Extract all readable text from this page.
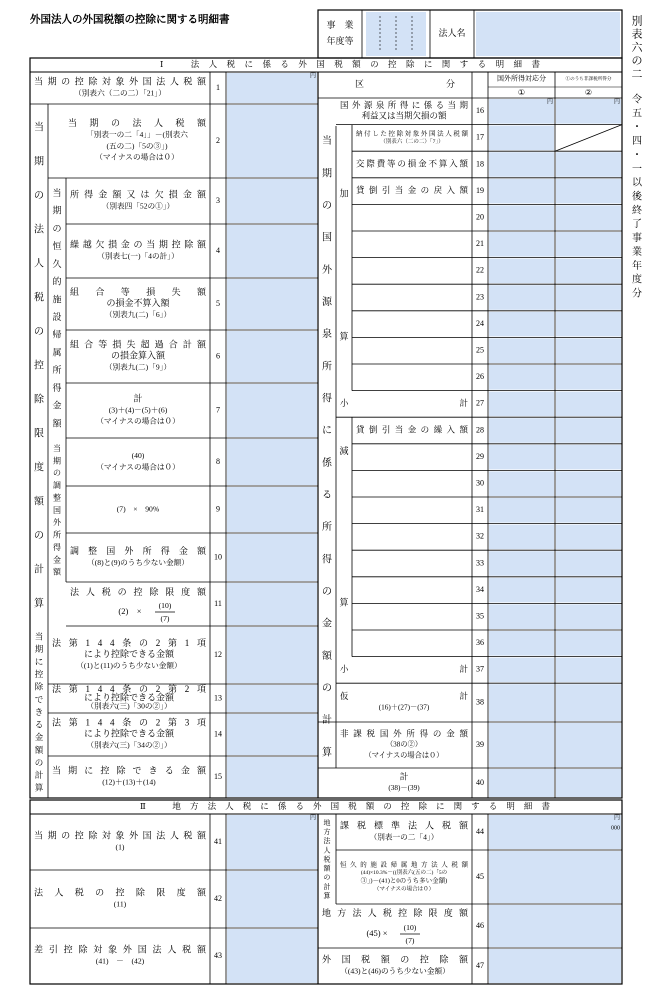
外国法人の外国税額の控除に関する明細書	事　業
年度等
法人名
別表六の二
令五・四・一以後終了事業年度分
Ⅰ　法人税に係る外国税額の控除に関する明細書
1
当期の控除対象外国法人税額
（別表六（二の二）「21」）
2
当期の法人税額
「別表一の二「4」」－(別表六
(五の二)「5の③」)
（マイナスの場合は０）
3
所得金額又は欠損金額
（別表四「52の①」）
4
繰越欠損金の当期控除額
（別表七(一)「4の計」）
5
組合等損失額
の損金不算入額
（別表九(二)「6」）
6
組合等損失超過合計額
の損金算入額
（別表九(二)「9」）
7
計
(3)＋(4)－(5)＋(6)
（マイナスの場合は０）
8
(40)
（マイナスの場合は０）
9
(7)　×　90%
10
調整国外所得金額
（(8)と(9)のうち少ない金額）
11
法人税の控除限度額
(2)　×
(10)
(7)
12
法第144条の2第1項
により控除できる金額
（(1)と(11)のうち少ない金額）
13
法第144条の2第2項
により控除できる金額
（別表六(三)「30の②」）
14
法第144条の2第3項
により控除できる金額
（別表六(三)「34の②」）
15
当期に控除できる金額
(12)＋(13)＋(14)
円
当期の法人税の控除限度額の計算
当期の恒久的施設帰属所得金額
当期の調整国外所得金額
当期に控除できる金額の計算
区　　　分
国外所得対応分
①
①のうち非課税所得分
②
16
国外源泉所得に係る当期
利益又は当期欠損の額
17
納付した控除対象外国法人税額
（別表六（二の二）「7」）
18
交際費等の損金不算入額
19
貸倒引当金の戻入額
20
21
22
23
24
25
26
27
小　　　　　計
28
貸倒引当金の繰入額
29
30
31
32
33
34
35
36
37
小　　　　　計
円	円
38
仮　　　　　計
(16)＋(27)－(37)
39
非課税国外所得の金額
（38の②）
（マイナスの場合は０）
40
計
(38)－(39)
当期の国外源泉所得に係る所得の金額の計算
加
算
減
算
Ⅱ　地方法人税に係る外国税額の控除に関する明細書
41
当期の控除対象外国法人税額
(1)
42
法人税の控除限度額
(11)
43
差引控除対象外国法人税額
(41)　－　(42)
円
44
課税標準法人税額
（別表一の二「4」）
45
恒久的施設帰属地方法人税額
(44)×10.3%－((別表六(五の二)「5の
③」)－(41)と0のうち多い金額)
（マイナスの場合は０）
46
地方法人税控除限度額
(45) ×
(10)
(7)
47
外国税額の控除額
（(43)と(46)のうち少ない金額）
円
000
地方法人税額の計算
